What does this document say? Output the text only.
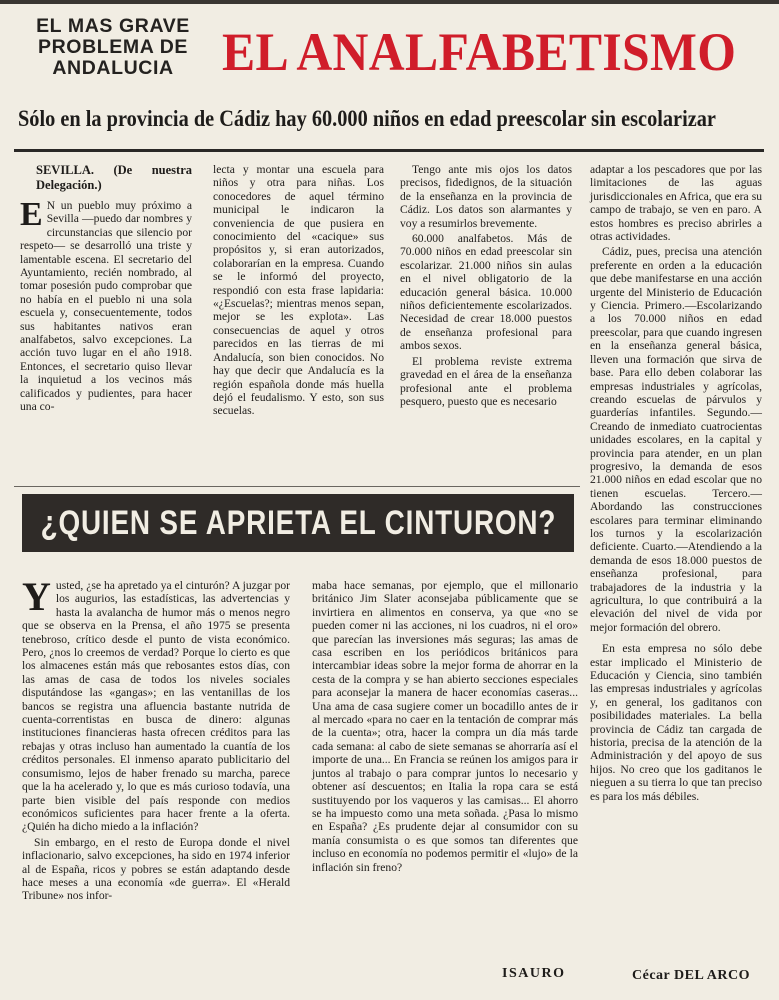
EL MAS GRAVE
PROBLEMA DE
ANDALUCIA EL ANALFABETISMO
Sólo en la provincia de Cádiz hay 60.000 niños en edad preescolar sin escolarizar
SEVILLA. (De nuestra Delegación.)

E N un pueblo muy próximo a Sevilla —puedo dar nombres y circunstancias que silencio por respeto— se desarrolló una triste y lamentable escena. El secretario del Ayuntamiento, recién nombrado, al tomar posesión pudo comprobar que no había en el pueblo ni una sola escuela y, consecuentemente, todos sus habitantes nativos eran analfabetos, salvo excepciones. La acción tuvo lugar en el año 1918. Entonces, el secretario quiso llevar la inquietud a los vecinos más calificados y pudientes, para hacer una co-

lecta y montar una escuela para niños y otra para niñas. Los conocedores de aquel término municipal le indicaron la conveniencia de que pusiera en conocimiento del «cacique» sus propósitos y, si eran autorizados, colaborarían en la empresa. Cuando se le informó del proyecto, respondió con esta frase lapidaria: «¿Escuelas?; mientras menos sepan, mejor se les explota». Las consecuencias de aquel y otros parecidos en las tierras de mi Andalucía, son bien conocidos. No hay que decir que Andalucía es la región española donde más huella dejó el feudalismo. Y esto, son sus secuelas.

Tengo ante mis ojos los datos precisos, fidedignos, de la situación de la enseñanza en la provincia de Cádiz. Los datos son alarmantes y voy a resumirlos brevemente.

60.000 analfabetos. Más de 70.000 niños en edad preescolar sin escolarizar. 21.000 niños sin aulas en el nivel obligatorio de la educación general básica. 10.000 niños deficientemente escolarizados. Necesidad de crear 18.000 puestos de enseñanza profesional para ambos sexos.

El problema reviste extrema gravedad en el área de la enseñanza profesional ante el problema pesquero, puesto que es necesario

adaptar a los pescadores que por las limitaciones de las aguas jurisdiccionales en Africa, que era su campo de trabajo, se ven en paro. A estos hombres es preciso abrirles a otras actividades.

Cádiz, pues, precisa una atención preferente en orden a la educación que debe manifestarse en una acción urgente del Ministerio de Educación y Ciencia. Primero.—Escolarizando a los 70.000 niños en edad preescolar, para que cuando ingresen en la enseñanza general básica, lleven una formación que sirva de base. Para ello deben colaborar las empresas industriales y agrícolas, creando escuelas de párvulos y guarderías infantiles. Segundo.—Creando de inmediato cuatrocientas unidades escolares, en la capital y provincia para atender, en un plan progresivo, la demanda de esos 21.000 niños en edad escolar que no tienen escuelas. Tercero.—Abordando las construcciones escolares para terminar eliminando los turnos y la escolarización deficiente. Cuarto.—Atendiendo a la demanda de esos 18.000 puestos de enseñanza profesional, para trabajadores de la industria y la agricultura, lo que contribuirá a la elevación del nivel de vida por mejor formación del obrero.

En esta empresa no sólo debe estar implicado el Ministerio de Educación y Ciencia, sino también las empresas industriales y agrícolas y, en general, los gaditanos con posibilidades materiales. La bella provincia de Cádiz tan cargada de historia, precisa de la atención de la Administración y del apoyo de sus hijos. No creo que los gaditanos le nieguen a su tierra lo que tan preciso es para los más débiles.

¿QUIEN SE APRIETA EL CINTURON?

Yusted, ¿se ha apretado ya el cinturón? A juzgar por los augurios, las estadísticas, las advertencias y hasta la avalancha de humor más o menos negro que se observa en la Prensa, el año 1975 se presenta tenebroso, crítico desde el punto de vista económico. Pero, ¿nos lo creemos de verdad? Porque lo cierto es que los almacenes están más que rebosantes estos días, con las amas de casa de todos los niveles sociales disputándose las «gangas»; en las ventanillas de los bancos se registra una afluencia bastante nutrida de cuenta-correntistas en busca de dinero: algunas instituciones financieras hasta ofrecen créditos para las rebajas y otras incluso han aumentado la cuantía de los créditos personales. El inmenso aparato publicitario del consumismo, lejos de haber frenado su marcha, parece que la ha acelerado y, lo que es más curioso todavía, una parte bien visible del país responde con medios económicos suficientes para hacer frente a la oferta. ¿Quién ha dicho miedo a la inflación?

Sin embargo, en el resto de Europa donde el nivel inflacionario, salvo excepciones, ha sido en 1974 inferior al de España, ricos y pobres se están adaptando desde hace meses a una economía «de guerra». El «Herald Tribune» nos infor-

maba hace semanas, por ejemplo, que el millonario británico Jim Slater aconsejaba públicamente que se invirtiera en alimentos en conserva, ya que «no se pueden comer ni las acciones, ni los cuadros, ni el oro» que parecían las inversiones más seguras; las amas de casa escriben en los periódicos británicos para intercambiar ideas sobre la mejor forma de ahorrar en la cesta de la compra y se han abierto secciones especiales para aconsejar la manera de hacer economías caseras... Una ama de casa sugiere comer un bocadillo antes de ir al mercado «para no caer en la tentación de comprar más de la cuenta»; otra, hacer la compra un día más tarde cada semana: al cabo de siete semanas se ahorraría así el importe de una... En Francia se reúnen los amigos para ir juntos al trabajo o para comprar juntos lo necesario y obtener así descuentos; en Italia la ropa cara se está sustituyendo por los vaqueros y las camisas... El ahorro se ha impuesto como una meta soñada. ¿Pasa lo mismo en España? ¿Es prudente dejar al consumidor con su manía consumista o es que somos tan diferentes que incluso en economía no podemos permitir el «lujo» de la inflación sin freno?

ISAURO	Cécar DEL ARCO
